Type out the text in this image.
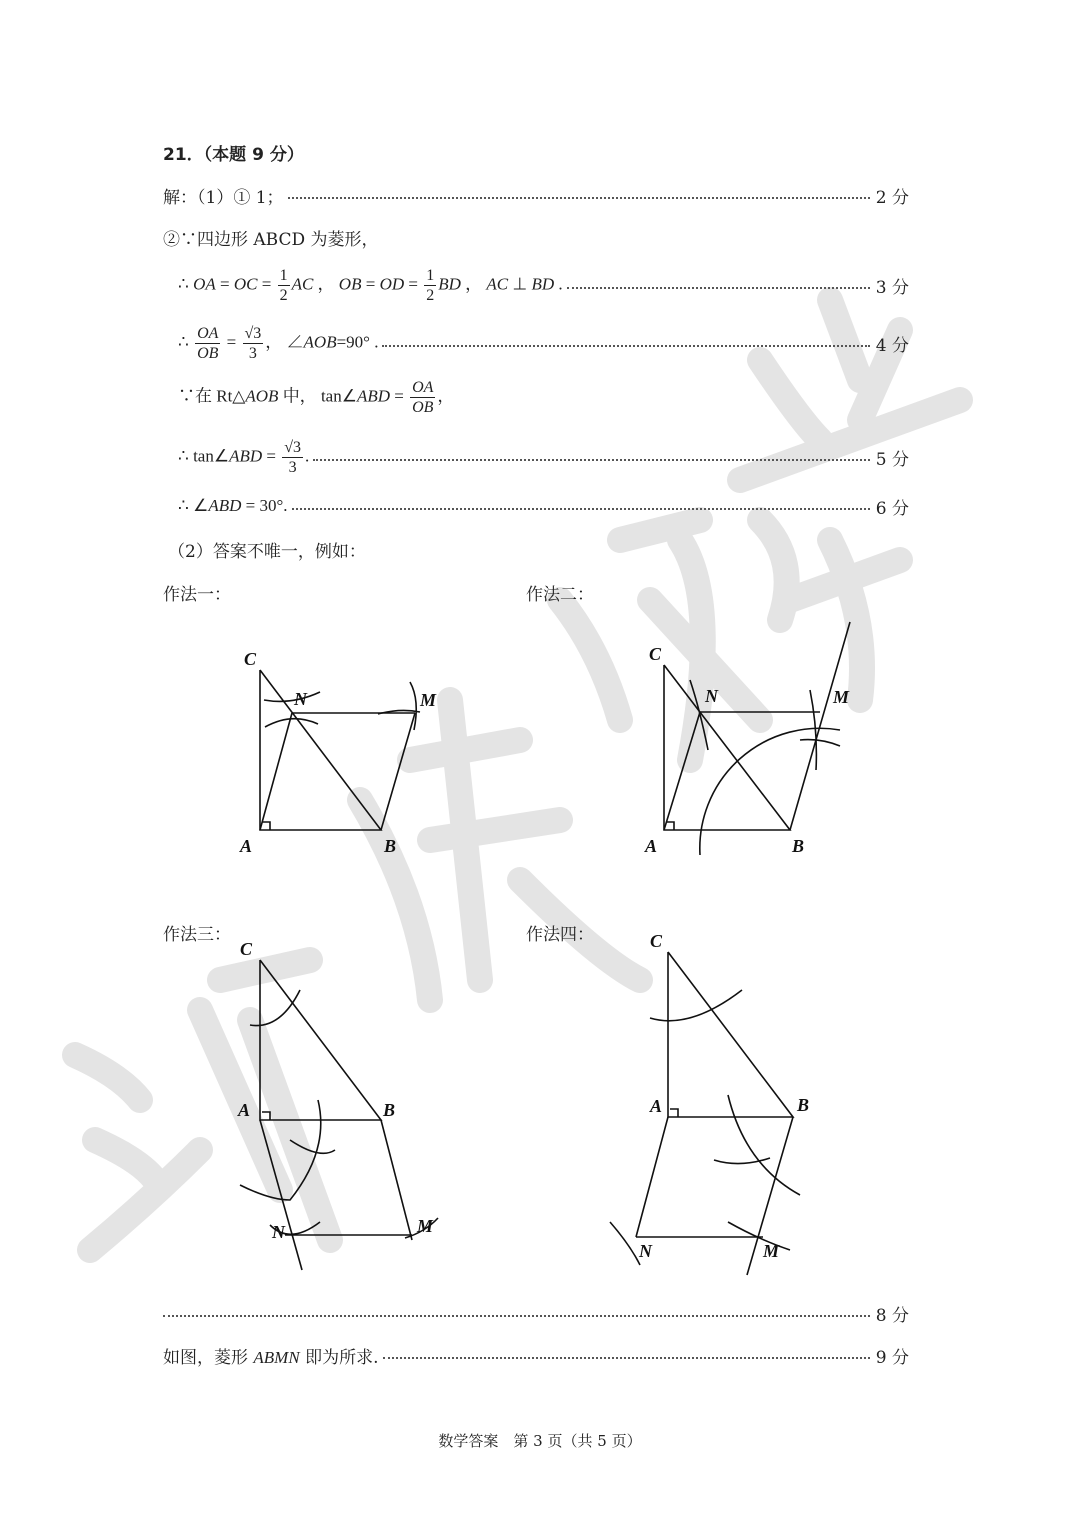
21．（本题 9 分）
解：（1）① 1；	2 分
②∵四边形 ABCD 为菱形，
∴ OA = OC = $\frac{1}{2}$ AC ， OB = OD = $\frac{1}{2}$ BD ， AC ⊥ BD .	3 分
∴ $\frac{OA}{OB} = \frac{√3}{3}$ ， ∠AOB=90° .	4 分
∵在 Rt△AOB 中， tan∠ABD = $\frac{OA}{OB}$ ，
∴ tan∠ABD = $\frac{√3}{3}$ .	5 分
∴ ∠ABD = 30°.	6 分
（2）答案不唯一，例如：
作法一：	作法二：
作法三：	作法四：
C
N	M
A	B
C
N	M
A	B
C
A	B
N	M
C
A	B
N	M
8 分
如图，菱形 ABMN 即为所求.	9 分
数学答案　第 3 页（共 5 页）
